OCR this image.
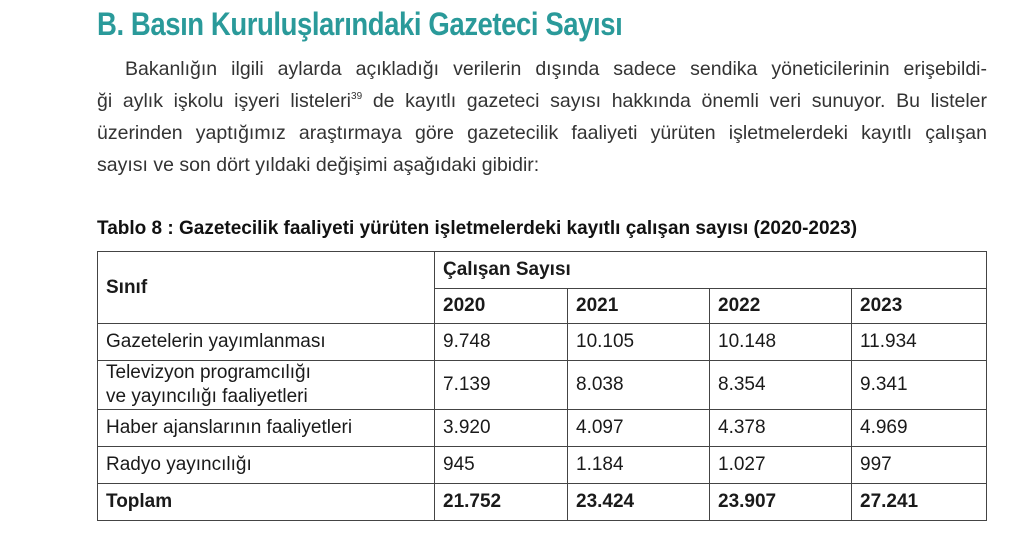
B. Basın Kuruluşlarındaki Gazeteci Sayısı
Bakanlığın ilgili aylarda açıkladığı verilerin dışında sadece sendika yöneticilerinin erişebildi-
ği aylık işkolu işyeri listeleri$^{39}$ de kayıtlı gazeteci sayısı hakkında önemli veri sunuyor. Bu listeler
üzerinden yaptığımız araştırmaya göre gazetecilik faaliyeti yürüten işletmelerdeki kayıtlı çalışan
sayısı ve son dört yıldaki değişimi aşağıdaki gibidir:
Tablo 8 : Gazetecilik faaliyeti yürüten işletmelerdeki kayıtlı çalışan sayısı (2020-2023)
Sınıf	Çalışan Sayısı			
	2020	2021	2022	2023
Gazetelerin yayımlanması	9.748	10.105	10.148	11.934
Televizyon programcılığı
ve yayıncılığı faaliyetleri	7.139	8.038	8.354	9.341
Haber ajanslarının faaliyetleri	3.920	4.097	4.378	4.969
Radyo yayıncılığı	945	1.184	1.027	997
Toplam	21.752	23.424	23.907	27.241
